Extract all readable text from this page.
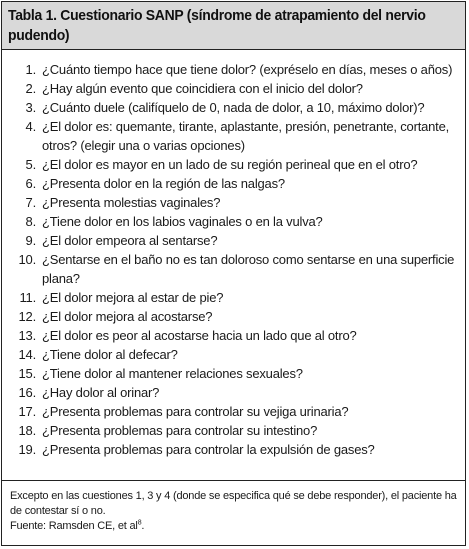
Tabla 1. Cuestionario SANP (síndrome de atrapamiento del nervio pudendo)
1. ¿Cuánto tiempo hace que tiene dolor? (expréselo en días, meses o años)
2. ¿Hay algún evento que coincidiera con el inicio del dolor?
3. ¿Cuánto duele (califíquelo de 0, nada de dolor, a 10, máximo dolor)?
4. ¿El dolor es: quemante, tirante, aplastante, presión, penetrante, cortante, otros? (elegir una o varias opciones)
5. ¿El dolor es mayor en un lado de su región perineal que en el otro?
6. ¿Presenta dolor en la región de las nalgas?
7. ¿Presenta molestias vaginales?
8. ¿Tiene dolor en los labios vaginales o en la vulva?
9. ¿El dolor empeora al sentarse?
10. ¿Sentarse en el baño no es tan doloroso como sentarse en una superficie plana?
11. ¿El dolor mejora al estar de pie?
12. ¿El dolor mejora al acostarse?
13. ¿El dolor es peor al acostarse hacia un lado que al otro?
14. ¿Tiene dolor al defecar?
15. ¿Tiene dolor al mantener relaciones sexuales?
16. ¿Hay dolor al orinar?
17. ¿Presenta problemas para controlar su vejiga urinaria?
18. ¿Presenta problemas para controlar su intestino?
19. ¿Presenta problemas para controlar la expulsión de gases?
Excepto en las cuestiones 1, 3 y 4 (donde se especifica qué se debe responder), el paciente ha de contestar sí o no.
Fuente: Ramsden CE, et $al^8$.
